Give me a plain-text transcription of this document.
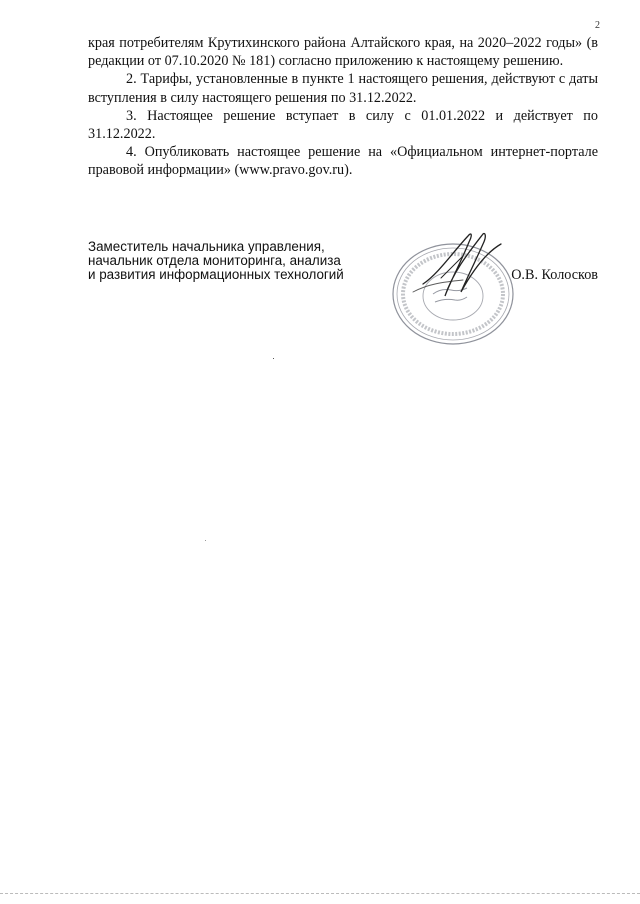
2

края потребителям Крутихинского района Алтайского края, на 2020–2022 годы» (в редакции от 07.10.2020 № 181) согласно приложению к настоящему решению.

2. Тарифы, установленные в пункте 1 настоящего решения, действуют с даты вступления в силу настоящего решения по 31.12.2022.

3. Настоящее решение вступает в силу с 01.01.2022 и действует по 31.12.2022.

4. Опубликовать настоящее решение на «Официальном интернет-портале правовой информации» (www.pravo.gov.ru).

Заместитель начальника управления,
начальник отдела мониторинга, анализа
и развития информационных технологий	О.В. Колосков
